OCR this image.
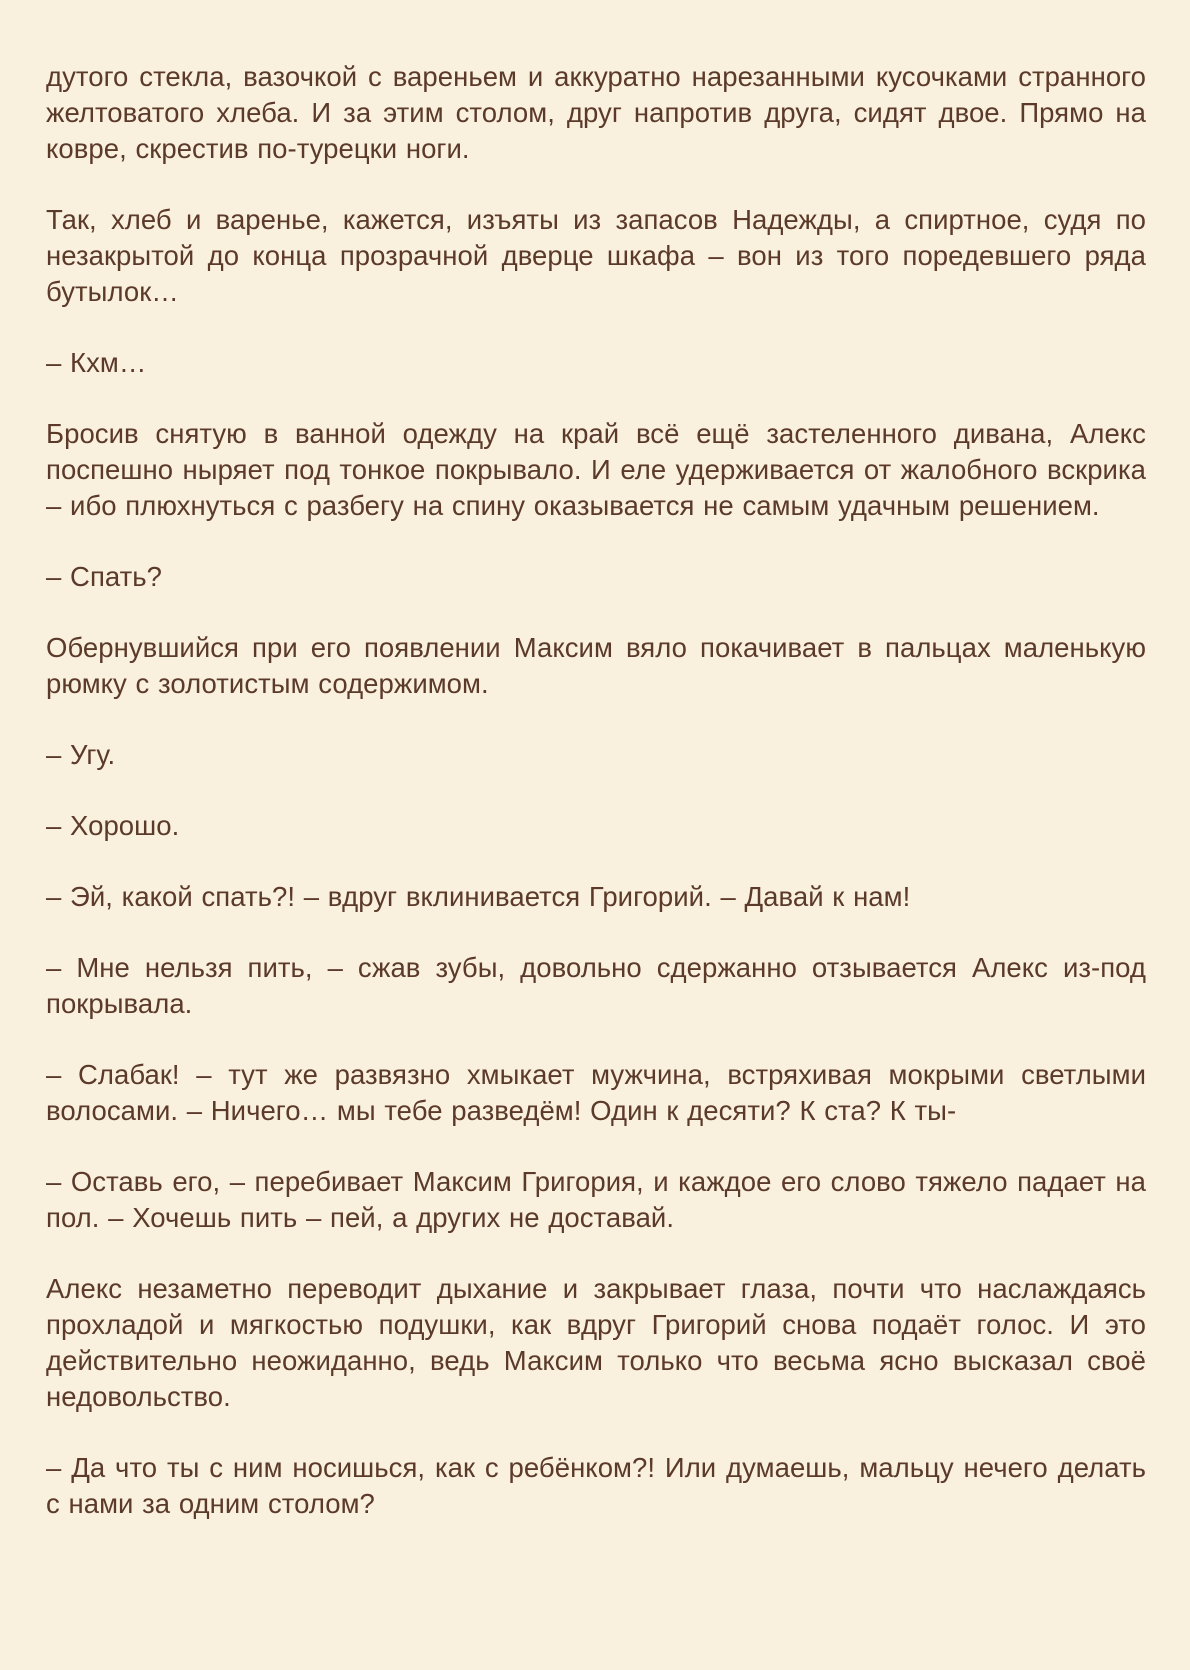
дутого стекла, вазочкой с вареньем и аккуратно нарезанными кусочками странного желтоватого хлеба. И за этим столом, друг напротив друга, сидят двое. Прямо на ковре, скрестив по-турецки ноги.

Так, хлеб и варенье, кажется, изъяты из запасов Надежды, а спиртное, судя по незакрытой до конца прозрачной дверце шкафа – вон из того поредевшего ряда бутылок…

– Кхм…

Бросив снятую в ванной одежду на край всё ещё застеленного дивана, Алекс поспешно ныряет под тонкое покрывало. И еле удерживается от жалобного вскрика – ибо плюхнуться с разбегу на спину оказывается не самым удачным решением.

– Спать?

Обернувшийся при его появлении Максим вяло покачивает в пальцах маленькую рюмку с золотистым содержимом.

– Угу.

– Хорошо.

– Эй, какой спать?! – вдруг вклинивается Григорий. – Давай к нам!

– Мне нельзя пить, – сжав зубы, довольно сдержанно отзывается Алекс из-под покрывала.

– Слабак! – тут же развязно хмыкает мужчина, встряхивая мокрыми светлыми волосами. – Ничего… мы тебе разведём! Один к десяти? К ста? К ты-

– Оставь его, – перебивает Максим Григория, и каждое его слово тяжело падает на пол. – Хочешь пить – пей, а других не доставай.

Алекс незаметно переводит дыхание и закрывает глаза, почти что наслаждаясь прохладой и мягкостью подушки, как вдруг Григорий снова подаёт голос. И это действительно неожиданно, ведь Максим только что весьма ясно высказал своё недовольство.

– Да что ты с ним носишься, как с ребёнком?! Или думаешь, мальцу нечего делать с нами за одним столом?
